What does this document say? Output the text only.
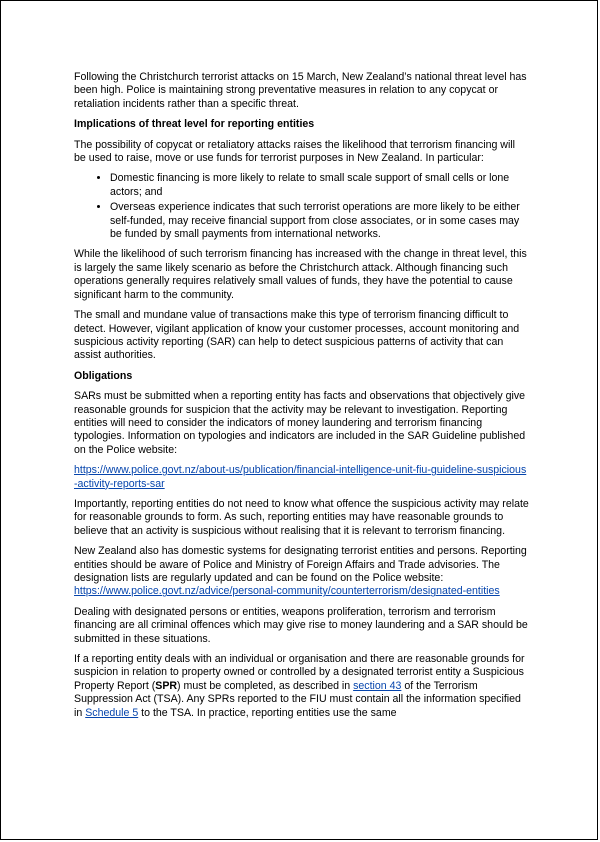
Following the Christchurch terrorist attacks on 15 March, New Zealand’s national threat level has been high. Police is maintaining strong preventative measures in relation to any copycat or retaliation incidents rather than a specific threat.

Implications of threat level for reporting entities

The possibility of copycat or retaliatory attacks raises the likelihood that terrorism financing will be used to raise, move or use funds for terrorist purposes in New Zealand. In particular:

• Domestic financing is more likely to relate to small scale support of small cells or lone actors; and
• Overseas experience indicates that such terrorist operations are more likely to be either self-funded, may receive financial support from close associates, or in some cases may be funded by small payments from international networks.

While the likelihood of such terrorism financing has increased with the change in threat level, this is largely the same likely scenario as before the Christchurch attack. Although financing such operations generally requires relatively small values of funds, they have the potential to cause significant harm to the community.

The small and mundane value of transactions make this type of terrorism financing difficult to detect. However, vigilant application of know your customer processes, account monitoring and suspicious activity reporting (SAR) can help to detect suspicious patterns of activity that can assist authorities.

Obligations

SARs must be submitted when a reporting entity has facts and observations that objectively give reasonable grounds for suspicion that the activity may be relevant to investigation. Reporting entities will need to consider the indicators of money laundering and terrorism financing typologies. Information on typologies and indicators are included in the SAR Guideline published on the Police website:

https://www.police.govt.nz/about-us/publication/financial-intelligence-unit-fiu-guideline-suspicious-activity-reports-sar

Importantly, reporting entities do not need to know what offence the suspicious activity may relate for reasonable grounds to form. As such, reporting entities may have reasonable grounds to believe that an activity is suspicious without realising that it is relevant to terrorism financing.

New Zealand also has domestic systems for designating terrorist entities and persons. Reporting entities should be aware of Police and Ministry of Foreign Affairs and Trade advisories. The designation lists are regularly updated and can be found on the Police website: https://www.police.govt.nz/advice/personal-community/counterterrorism/designated-entities

Dealing with designated persons or entities, weapons proliferation, terrorism and terrorism financing are all criminal offences which may give rise to money laundering and a SAR should be submitted in these situations.

If a reporting entity deals with an individual or organisation and there are reasonable grounds for suspicion in relation to property owned or controlled by a designated terrorist entity a Suspicious Property Report (SPR) must be completed, as described in section 43 of the Terrorism Suppression Act (TSA). Any SPRs reported to the FIU must contain all the information specified in Schedule 5 to the TSA. In practice, reporting entities use the same
